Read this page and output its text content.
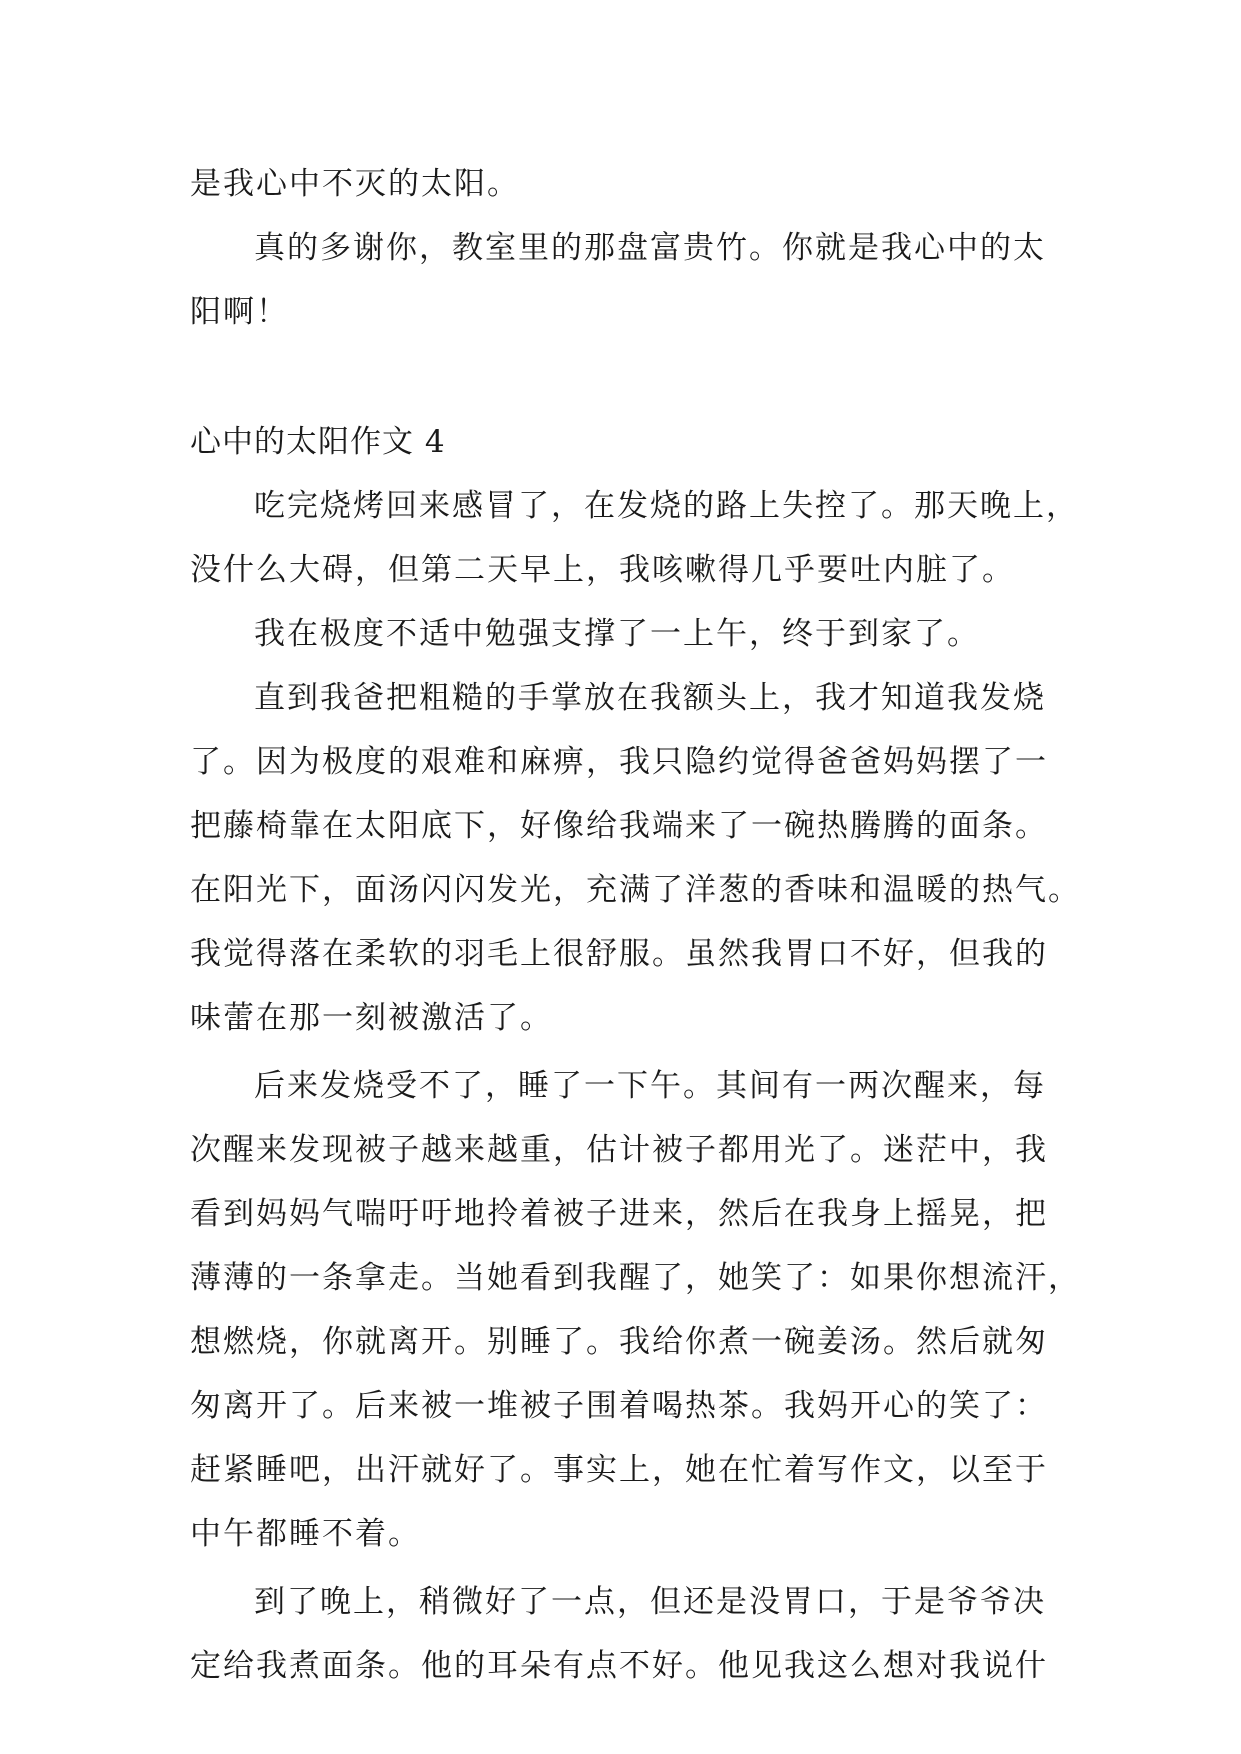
是我心中不灭的太阳。
真的多谢你，教室里的那盘富贵竹。你就是我心中的太
阳啊！
心中的太阳作文 4
吃完烧烤回来感冒了，在发烧的路上失控了。那天晚上，
没什么大碍，但第二天早上，我咳嗽得几乎要吐内脏了。
我在极度不适中勉强支撑了一上午，终于到家了。
直到我爸把粗糙的手掌放在我额头上，我才知道我发烧
了。因为极度的艰难和麻痹，我只隐约觉得爸爸妈妈摆了一
把藤椅靠在太阳底下，好像给我端来了一碗热腾腾的面条。
在阳光下，面汤闪闪发光，充满了洋葱的香味和温暖的热气。
我觉得落在柔软的羽毛上很舒服。虽然我胃口不好，但我的
味蕾在那一刻被激活了。
后来发烧受不了，睡了一下午。其间有一两次醒来，每
次醒来发现被子越来越重，估计被子都用光了。迷茫中，我
看到妈妈气喘吁吁地拎着被子进来，然后在我身上摇晃，把
薄薄的一条拿走。当她看到我醒了，她笑了：如果你想流汗，
想燃烧，你就离开。别睡了。我给你煮一碗姜汤。然后就匆
匆离开了。后来被一堆被子围着喝热茶。我妈开心的笑了：
赶紧睡吧，出汗就好了。事实上，她在忙着写作文，以至于
中午都睡不着。
到了晚上，稍微好了一点，但还是没胃口，于是爷爷决
定给我煮面条。他的耳朵有点不好。他见我这么想对我说什
